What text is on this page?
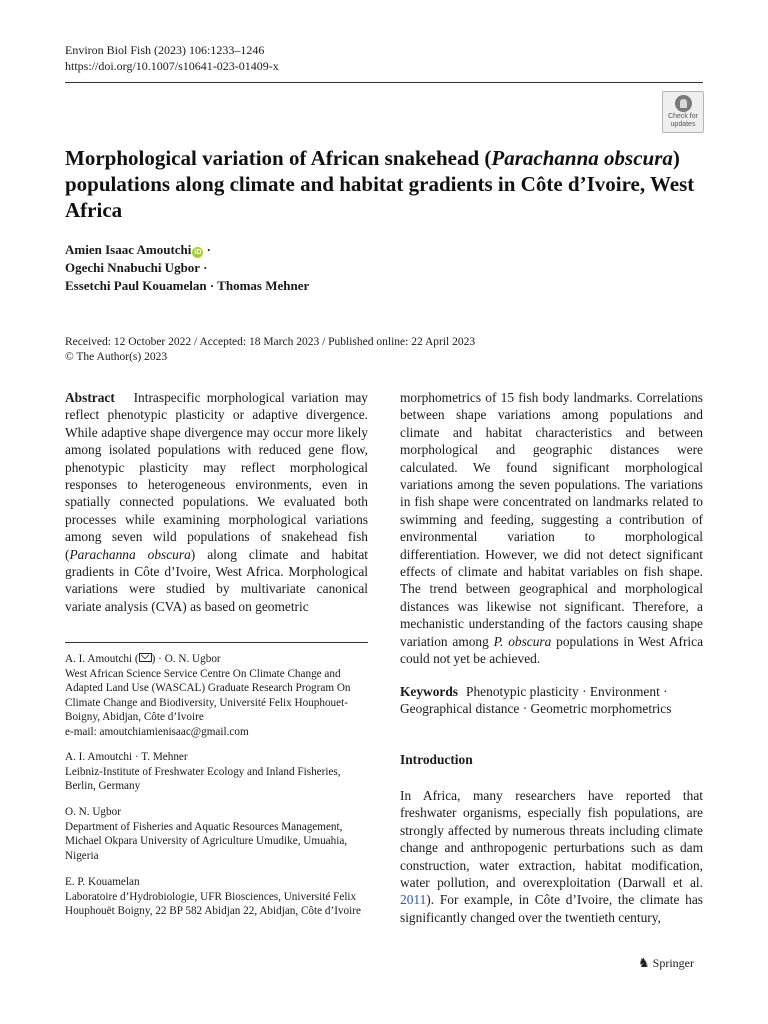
Environ Biol Fish (2023) 106:1233–1246
https://doi.org/10.1007/s10641-023-01409-x
Check for
updates
Morphological variation of African snakehead (Parachanna obscura) populations along climate and habitat gradients in Côte d’Ivoire, West Africa
Amien Isaac Amoutchi iD ·
Ogechi Nnabuchi Ugbor ·
Essetchi Paul Kouamelan · Thomas Mehner
Received: 12 October 2022 / Accepted: 18 March 2023 / Published online: 22 April 2023
© The Author(s) 2023
Abstract Intraspecific morphological variation may reflect phenotypic plasticity or adaptive divergence. While adaptive shape divergence may occur more likely among isolated populations with reduced gene flow, phenotypic plasticity may reflect morphological responses to heterogeneous environments, even in spatially connected populations. We evaluated both processes while examining morphological variations among seven wild populations of snakehead fish (Parachanna obscura) along climate and habitat gradients in Côte d’Ivoire, West Africa. Morphological variations were studied by multivariate canonical variate analysis (CVA) as based on geometric
morphometrics of 15 fish body landmarks. Correlations between shape variations among populations and climate and habitat characteristics and between morphological and geographic distances were calculated. We found significant morphological variations among the seven populations. The variations in fish shape were concentrated on landmarks related to swimming and feeding, suggesting a contribution of environmental variation to morphological differentiation. However, we did not detect significant effects of climate and habitat variables on fish shape. The trend between geographical and morphological distances was likewise not significant. Therefore, a mechanistic understanding of the factors causing shape variation among P. obscura populations in West Africa could not yet be achieved.
A. I. Amoutchi ( ) · O. N. Ugbor
West African Science Service Centre On Climate Change and Adapted Land Use (WASCAL) Graduate Research Program On Climate Change and Biodiversity, Université Felix Houphouet-Boigny, Abidjan, Côte d’Ivoire
e-mail: amoutchiamienisaac@gmail.com
A. I. Amoutchi · T. Mehner
Leibniz-Institute of Freshwater Ecology and Inland Fisheries, Berlin, Germany
O. N. Ugbor
Department of Fisheries and Aquatic Resources Management, Michael Okpara University of Agriculture Umudike, Umuahia, Nigeria
E. P. Kouamelan
Laboratoire d’Hydrobiologie, UFR Biosciences, Université Felix Houphouët Boigny, 22 BP 582 Abidjan 22, Abidjan, Côte d’Ivoire
Keywords Phenotypic plasticity · Environment · Geographical distance · Geometric morphometrics
Introduction
In Africa, many researchers have reported that freshwater organisms, especially fish populations, are strongly affected by numerous threats including climate change and anthropogenic perturbations such as dam construction, water extraction, habitat modification, water pollution, and overexploitation (Darwall et al. 2011). For example, in Côte d’Ivoire, the climate has significantly changed over the twentieth century,
♞ Springer
